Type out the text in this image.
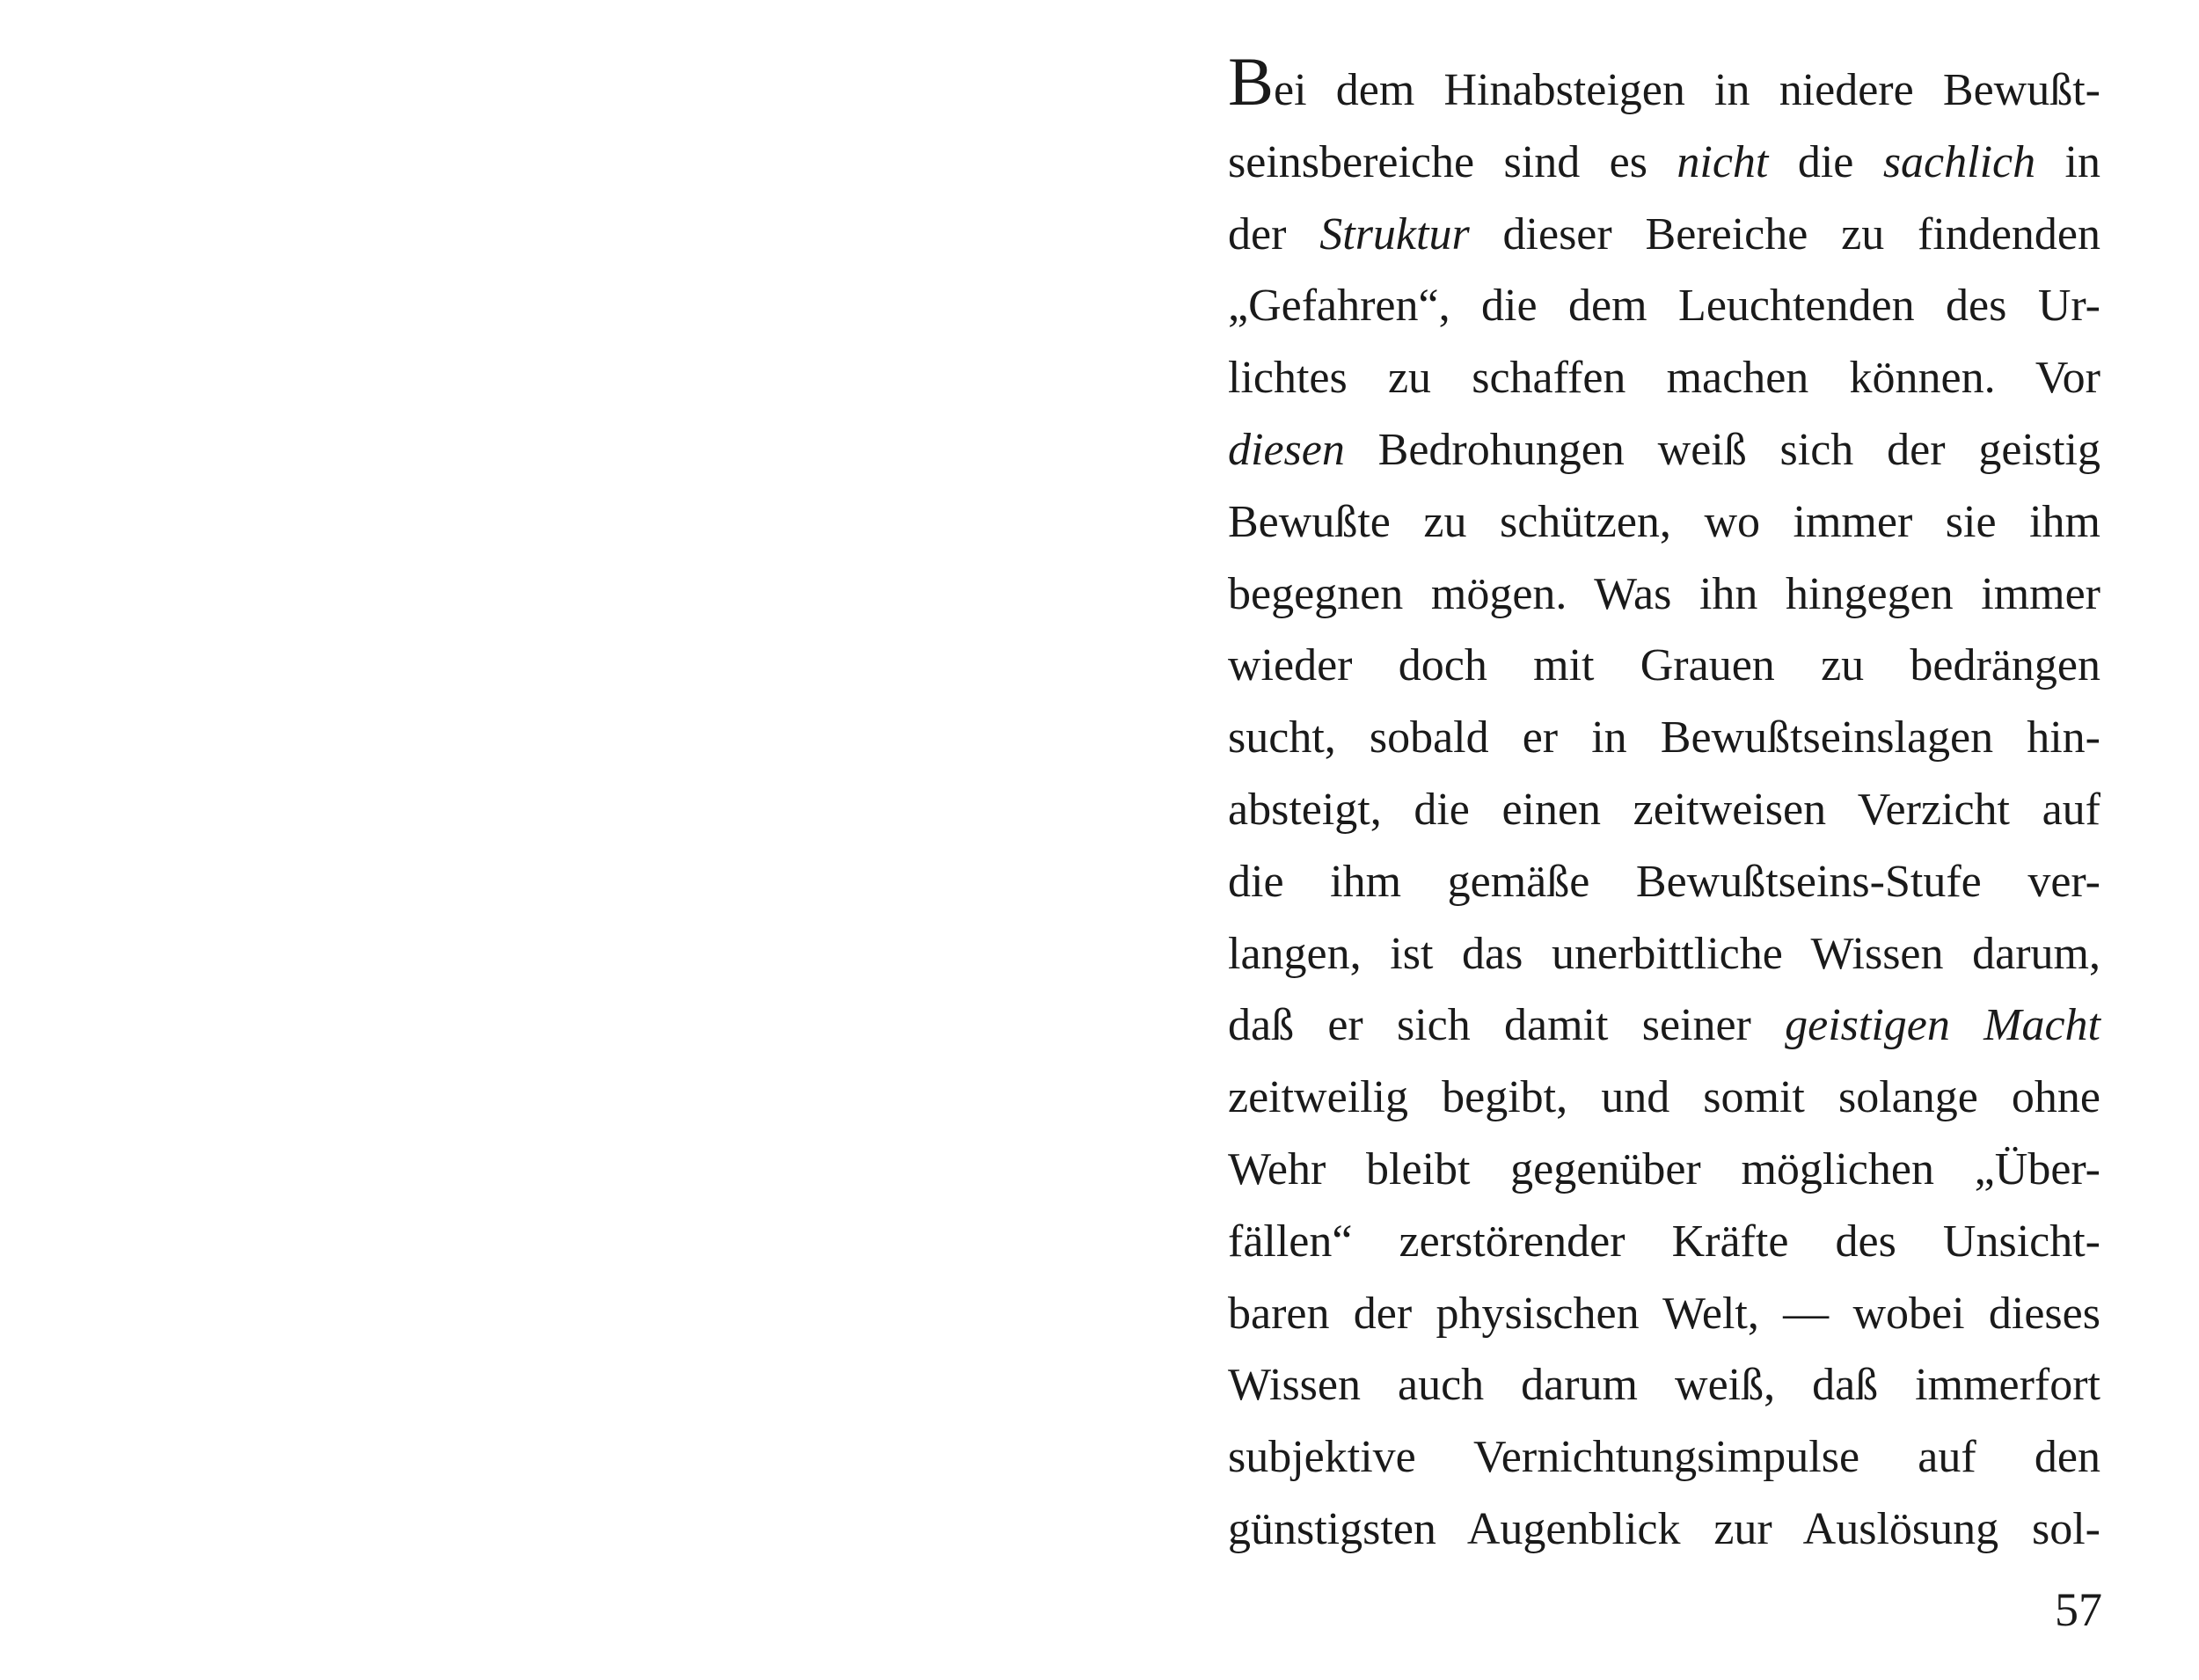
Bei dem Hinabsteigen in niedere Bewußt-
seinsbereiche sind es nicht die sachlich in
der Struktur dieser Bereiche zu findenden
„Gefahren“, die dem Leuchtenden des Ur-
lichtes zu schaffen machen können. Vor
diesen Bedrohungen weiß sich der geistig
Bewußte zu schützen, wo immer sie ihm
begegnen mögen. Was ihn hingegen immer
wieder doch mit Grauen zu bedrängen
sucht, sobald er in Bewußtseinslagen hin-
absteigt, die einen zeitweisen Verzicht auf
die ihm gemäße Bewußtseins-Stufe ver-
langen, ist das unerbittliche Wissen darum,
daß er sich damit seiner geistigen Macht
zeitweilig begibt, und somit solange ohne
Wehr bleibt gegenüber möglichen „Über-
fällen“ zerstörender Kräfte des Unsicht-
baren der physischen Welt, — wobei dieses
Wissen auch darum weiß, daß immerfort
subjektive Vernichtungsimpulse auf den
günstigsten Augenblick zur Auslösung sol-
57
